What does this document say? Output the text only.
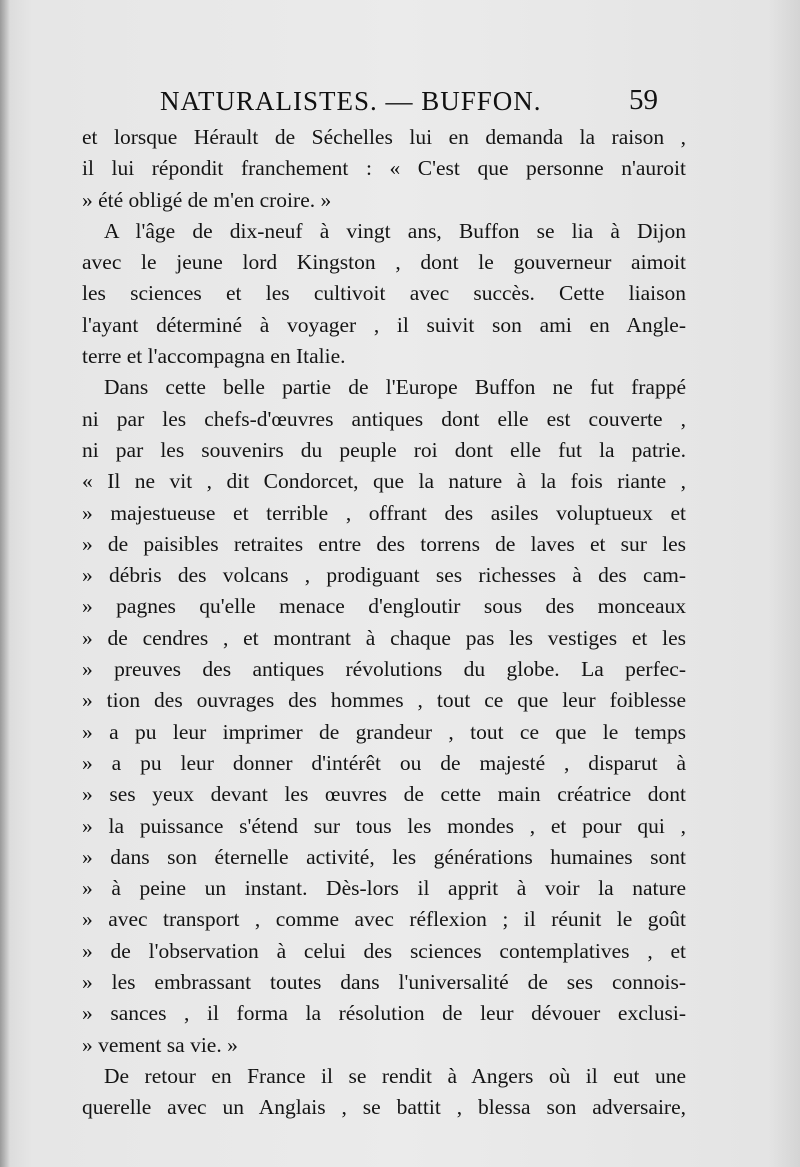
NATURALISTES. — BUFFON.	59
et lorsque Hérault de Séchelles lui en demanda la raison ,
il lui répondit franchement : « C'est que personne n'auroit
» été obligé de m'en croire. »
A l'âge de dix-neuf à vingt ans, Buffon se lia à Dijon
avec le jeune lord Kingston , dont le gouverneur aimoit
les sciences et les cultivoit avec succès. Cette liaison
l'ayant déterminé à voyager , il suivit son ami en Angle-
terre et l'accompagna en Italie.
Dans cette belle partie de l'Europe Buffon ne fut frappé
ni par les chefs-d'œuvres antiques dont elle est couverte ,
ni par les souvenirs du peuple roi dont elle fut la patrie.
« Il ne vit , dit Condorcet, que la nature à la fois riante ,
» majestueuse et terrible , offrant des asiles voluptueux et
» de paisibles retraites entre des torrens de laves et sur les
» débris des volcans , prodiguant ses richesses à des cam-
» pagnes qu'elle menace d'engloutir sous des monceaux
» de cendres , et montrant à chaque pas les vestiges et les
» preuves des antiques révolutions du globe. La perfec-
» tion des ouvrages des hommes , tout ce que leur foiblesse
» a pu leur imprimer de grandeur , tout ce que le temps
» a pu leur donner d'intérêt ou de majesté , disparut à
» ses yeux devant les œuvres de cette main créatrice dont
» la puissance s'étend sur tous les mondes , et pour qui ,
» dans son éternelle activité, les générations humaines sont
» à peine un instant. Dès-lors il apprit à voir la nature
» avec transport , comme avec réflexion ; il réunit le goût
» de l'observation à celui des sciences contemplatives , et
» les embrassant toutes dans l'universalité de ses connois-
» sances , il forma la résolution de leur dévouer exclusi-
» vement sa vie. »
De retour en France il se rendit à Angers où il eut une
querelle avec un Anglais , se battit , blessa son adversaire,
